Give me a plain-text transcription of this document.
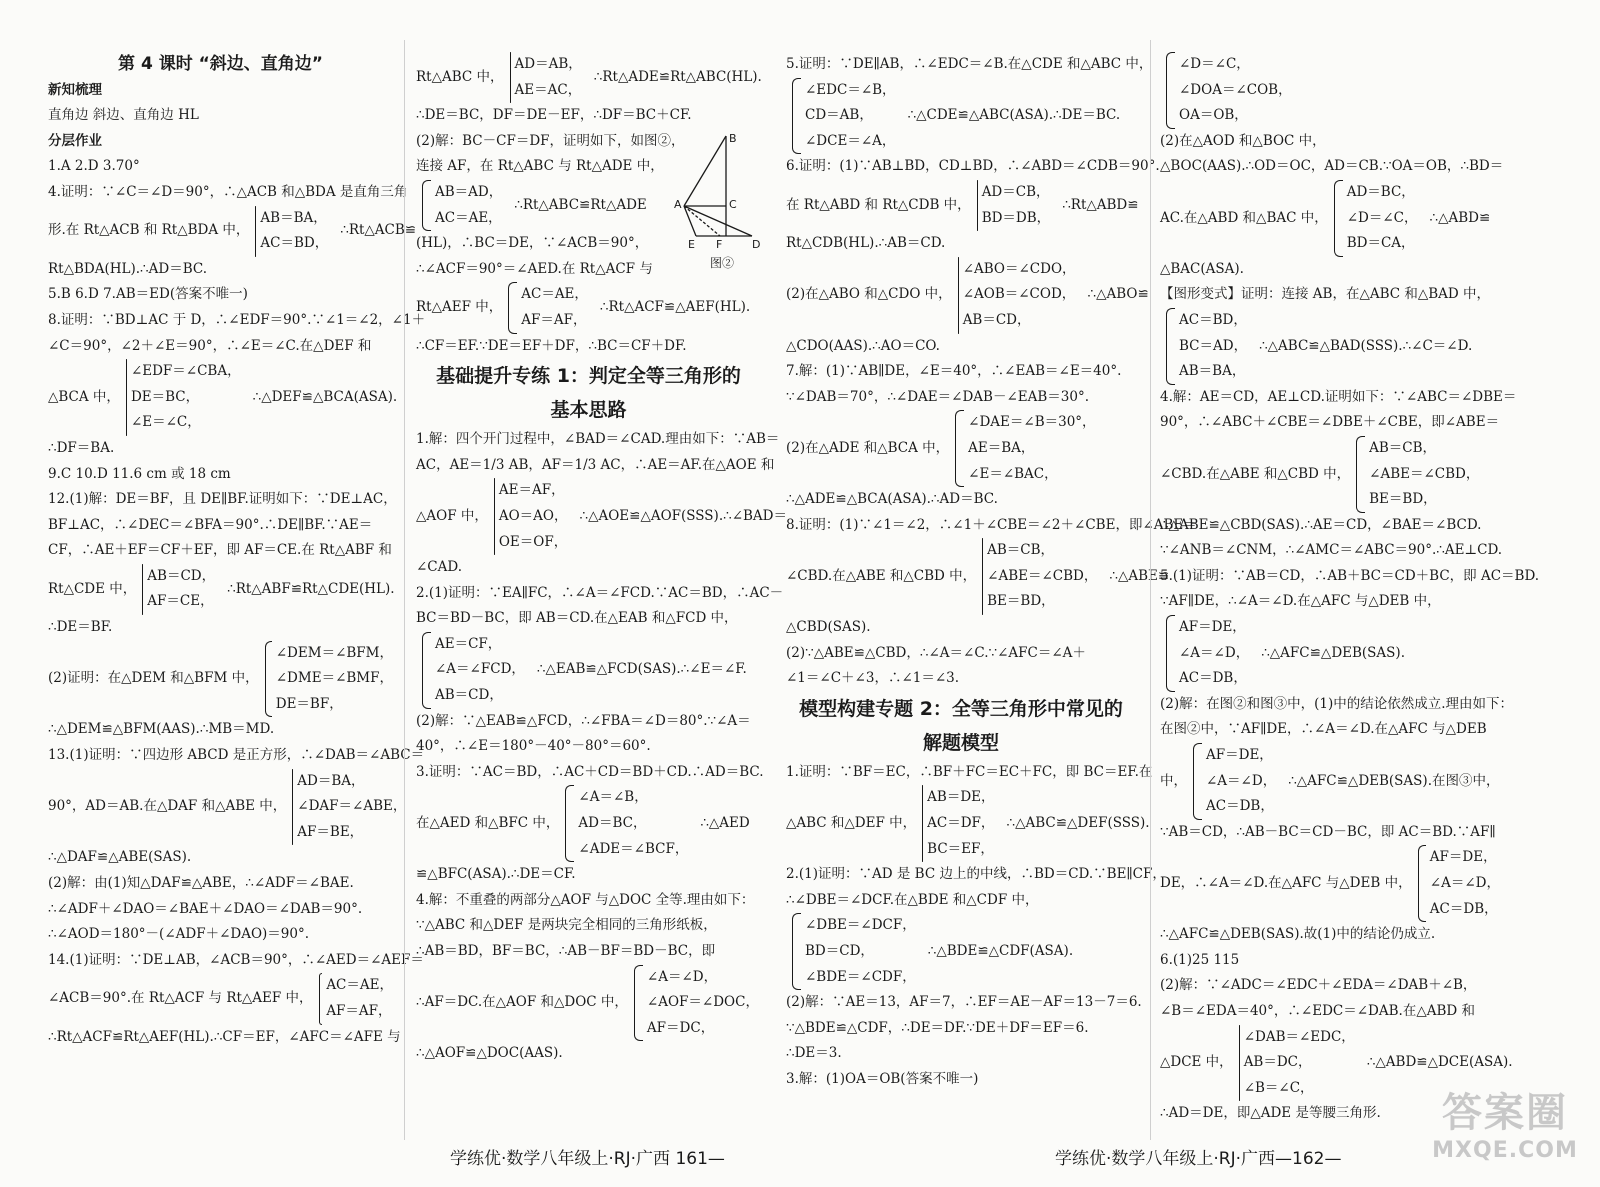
第 4 课时 “斜边、直角边”
新知梳理
直角边 斜边、直角边 HL
分层作业
1.A 2.D 3.70°
4.证明：∵∠C＝∠D＝90°，∴△ACB 和△BDA 是直角三角
形.在 Rt△ACB 和 Rt△BDA 中，
AB＝BA，
AC＝BD，
∴Rt△ACB≌
Rt△BDA(HL).∴AD＝BC.
5.B 6.D 7.AB＝ED(答案不唯一)
8.证明：∵BD⊥AC 于 D，∴∠EDF＝90°.∵∠1＝∠2，∠1＋
∠C＝90°，∠2＋∠E＝90°，∴∠E＝∠C.在△DEF 和
△BCA 中，
∠EDF＝∠CBA，
DE＝BC，
∠E＝∠C，
∴△DEF≌△BCA(ASA).
∴DF＝BA.
9.C 10.D 11.6 cm 或 18 cm
12.(1)解：DE＝BF，且 DE∥BF.证明如下：∵DE⊥AC，
BF⊥AC，∴∠DEC＝∠BFA＝90°.∴DE∥BF.∵AE＝
CF，∴AE＋EF＝CF＋EF，即 AF＝CE.在 Rt△ABF 和
Rt△CDE 中，
AB＝CD，
AF＝CE，
∴Rt△ABF≌Rt△CDE(HL).
∴DE＝BF.
(2)证明：在△DEM 和△BFM 中，
∠DEM＝∠BFM，
∠DME＝∠BMF，
DE＝BF，
∴△DEM≌△BFM(AAS).∴MB＝MD.
13.(1)证明：∵四边形 ABCD 是正方形，∴∠DAB＝∠ABC＝
90°，AD＝AB.在△DAF 和△ABE 中，
AD＝BA，
∠DAF＝∠ABE，
AF＝BE，
∴△DAF≌△ABE(SAS).
(2)解：由(1)知△DAF≌△ABE，∴∠ADF＝∠BAE.
∴∠ADF＋∠DAO＝∠BAE＋∠DAO＝∠DAB＝90°.
∴∠AOD＝180°－(∠ADF＋∠DAO)＝90°.
14.(1)证明：∵DE⊥AB，∠ACB＝90°，∴∠AED＝∠AEF＝
∠ACB＝90°.在 Rt△ACF 与 Rt△AEF 中，
AC＝AE，
AF＝AF，
∴Rt△ACF≌Rt△AEF(HL).∴CF＝EF，∠AFC＝∠AFE 与
Rt△ABC 中，
AD＝AB，
AE＝AC，
∴Rt△ADE≌Rt△ABC(HL).
∴DE＝BC，DF＝DE－EF，∴DF＝BC＋CF.
(2)解：BC－CF＝DF，证明如下，如图②，
连接 AF，在 Rt△ABC 与 Rt△ADE 中，
AB＝AD，
AC＝AE，
∴Rt△ABC≌Rt△ADE
(HL)，∴BC＝DE，∵∠ACB＝90°，
∴∠ACF＝90°＝∠AED.在 Rt△ACF 与
Rt△AEF 中，
AC＝AE，
AF＝AF，
∴Rt△ACF≌△AEF(HL).
∴CF＝EF.∵DE＝EF＋DF，∴BC＝CF＋DF.
基础提升专练 1：判定全等三角形的
基本思路
1.解：四个开门过程中，∠BAD＝∠CAD.理由如下：∵AB＝
AC，AE＝1/3 AB，AF＝1/3 AC，∴AE＝AF.在△AOE 和
△AOF 中，
AE＝AF，
AO＝AO，
OE＝OF，
∴△AOE≌△AOF(SSS).∴∠BAD＝
∠CAD.
2.(1)证明：∵EA∥FC，∴∠A＝∠FCD.∵AC＝BD，∴AC－
BC＝BD－BC，即 AB＝CD.在△EAB 和△FCD 中，
AE＝CF，
∠A＝∠FCD，
AB＝CD，
∴△EAB≌△FCD(SAS).∴∠E＝∠F.
(2)解：∵△EAB≌△FCD，∴∠FBA＝∠D＝80°.∵∠A＝
40°，∴∠E＝180°－40°－80°＝60°.
3.证明：∵AC＝BD，∴AC＋CD＝BD＋CD.∴AD＝BC.
在△AED 和△BFC 中，
∠A＝∠B，
AD＝BC，
∠ADE＝∠BCF，
∴△AED
≌△BFC(ASA).∴DE＝CF.
4.解：不重叠的两部分△AOF 与△DOC 全等.理由如下：
∵△ABC 和△DEF 是两块完全相同的三角形纸板，
∴AB＝BD，BF＝BC，∴AB－BF＝BD－BC，即
∴AF＝DC.在△AOF 和△DOC 中，
∠A＝∠D，
∠AOF＝∠DOC，
AF＝DC，
∴△AOF≌△DOC(AAS).
B
A	C
E F	D
图②
学练优·数学八年级上·RJ·广西 161—
5.证明：∵DE∥AB，∴∠EDC＝∠B.在△CDE 和△ABC 中，
∠EDC＝∠B，
CD＝AB，
∠DCE＝∠A，
∴△CDE≌△ABC(ASA).∴DE＝BC.
6.证明：(1)∵AB⊥BD，CD⊥BD，∴∠ABD＝∠CDB＝90°.
在 Rt△ABD 和 Rt△CDB 中，
AD＝CB，
BD＝DB，
∴Rt△ABD≌
Rt△CDB(HL).∴AB＝CD.
(2)在△ABO 和△CDO 中，
∠ABO＝∠CDO，
∠AOB＝∠COD，
AB＝CD，
∴△ABO≌
△CDO(AAS).∴AO＝CO.
7.解：(1)∵AB∥DE，∠E＝40°，∴∠EAB＝∠E＝40°.
∵∠DAB＝70°，∴∠DAE＝∠DAB－∠EAB＝30°.
(2)在△ADE 和△BCA 中，
∠DAE＝∠B＝30°，
AE＝BA，
∠E＝∠BAC，
∴△ADE≌△BCA(ASA).∴AD＝BC.
8.证明：(1)∵∠1＝∠2，∴∠1＋∠CBE＝∠2＋∠CBE，即∠ABE＝
∠CBD.在△ABE 和△CBD 中，
AB＝CB，
∠ABE＝∠CBD，
BE＝BD，
∴△ABE≌
△CBD(SAS).
(2)∵△ABE≌△CBD，∴∠A＝∠C.∵∠AFC＝∠A＋
∠1＝∠C＋∠3，∴∠1＝∠3.
模型构建专题 2：全等三角形中常见的
解题模型
1.证明：∵BF＝EC，∴BF＋FC＝EC＋FC，即 BC＝EF.在
△ABC 和△DEF 中，
AB＝DE，
AC＝DF，
BC＝EF，
∴△ABC≌△DEF(SSS).
2.(1)证明：∵AD 是 BC 边上的中线，∴BD＝CD.∵BE∥CF，
∴∠DBE＝∠DCF.在△BDE 和△CDF 中，
∠DBE＝∠DCF，
BD＝CD，
∠BDE＝∠CDF，
∴△BDE≌△CDF(ASA).
(2)解：∵AE＝13，AF＝7，∴EF＝AE－AF＝13－7＝6.
∵△BDE≌△CDF，∴DE＝DF.∵DE＋DF＝EF＝6.
∴DE＝3.
3.解：(1)OA＝OB(答案不唯一)
∠D＝∠C，
∠DOA＝∠COB，
OA＝OB，
(2)在△AOD 和△BOC 中，
△BOC(AAS).∴OD＝OC，AD＝CB.∵OA＝OB，∴BD＝
AC.在△ABD 和△BAC 中，
AD＝BC，
∠D＝∠C，
BD＝CA，
∴△ABD≌
△BAC(ASA).
【图形变式】证明：连接 AB，在△ABC 和△BAD 中，
AC＝BD，
BC＝AD，
AB＝BA，
∴△ABC≌△BAD(SSS).∴∠C＝∠D.
4.解：AE＝CD，AE⊥CD.证明如下：∵∠ABC＝∠DBE＝
90°，∴∠ABC＋∠CBE＝∠DBE＋∠CBE，即∠ABE＝
∠CBD.在△ABE 和△CBD 中，
AB＝CB，
∠ABE＝∠CBD，
BE＝BD，
∴△ABE≌△CBD(SAS).∴AE＝CD，∠BAE＝∠BCD.
∵∠ANB＝∠CNM，∴∠AMC＝∠ABC＝90°.∴AE⊥CD.
5.(1)证明：∵AB＝CD，∴AB＋BC＝CD＋BC，即 AC＝BD.
∵AF∥DE，∴∠A＝∠D.在△AFC 与△DEB 中，
AF＝DE，
∠A＝∠D，
AC＝DB，
∴△AFC≌△DEB(SAS).
(2)解：在图②和图③中，(1)中的结论依然成立.理由如下：
在图②中，∵AF∥DE，∴∠A＝∠D.在△AFC 与△DEB
中，
AF＝DE，
∠A＝∠D，
AC＝DB，
∴△AFC≌△DEB(SAS).在图③中，
∵AB＝CD，∴AB－BC＝CD－BC，即 AC＝BD.∵AF∥
DE，∴∠A＝∠D.在△AFC 与△DEB 中，
AF＝DE，
∠A＝∠D，
AC＝DB，
∴△AFC≌△DEB(SAS).故(1)中的结论仍成立.
6.(1)25 115
(2)解：∵∠ADC＝∠EDC＋∠EDA＝∠DAB＋∠B，
∠B＝∠EDA＝40°，∴∠EDC＝∠DAB.在△ABD 和
△DCE 中，
∠DAB＝∠EDC，
AB＝DC，
∠B＝∠C，
∴△ABD≌△DCE(ASA).
∴AD＝DE，即△ADE 是等腰三角形.
学练优·数学八年级上·RJ·广西—162—
答案圈
MXQE.COM
